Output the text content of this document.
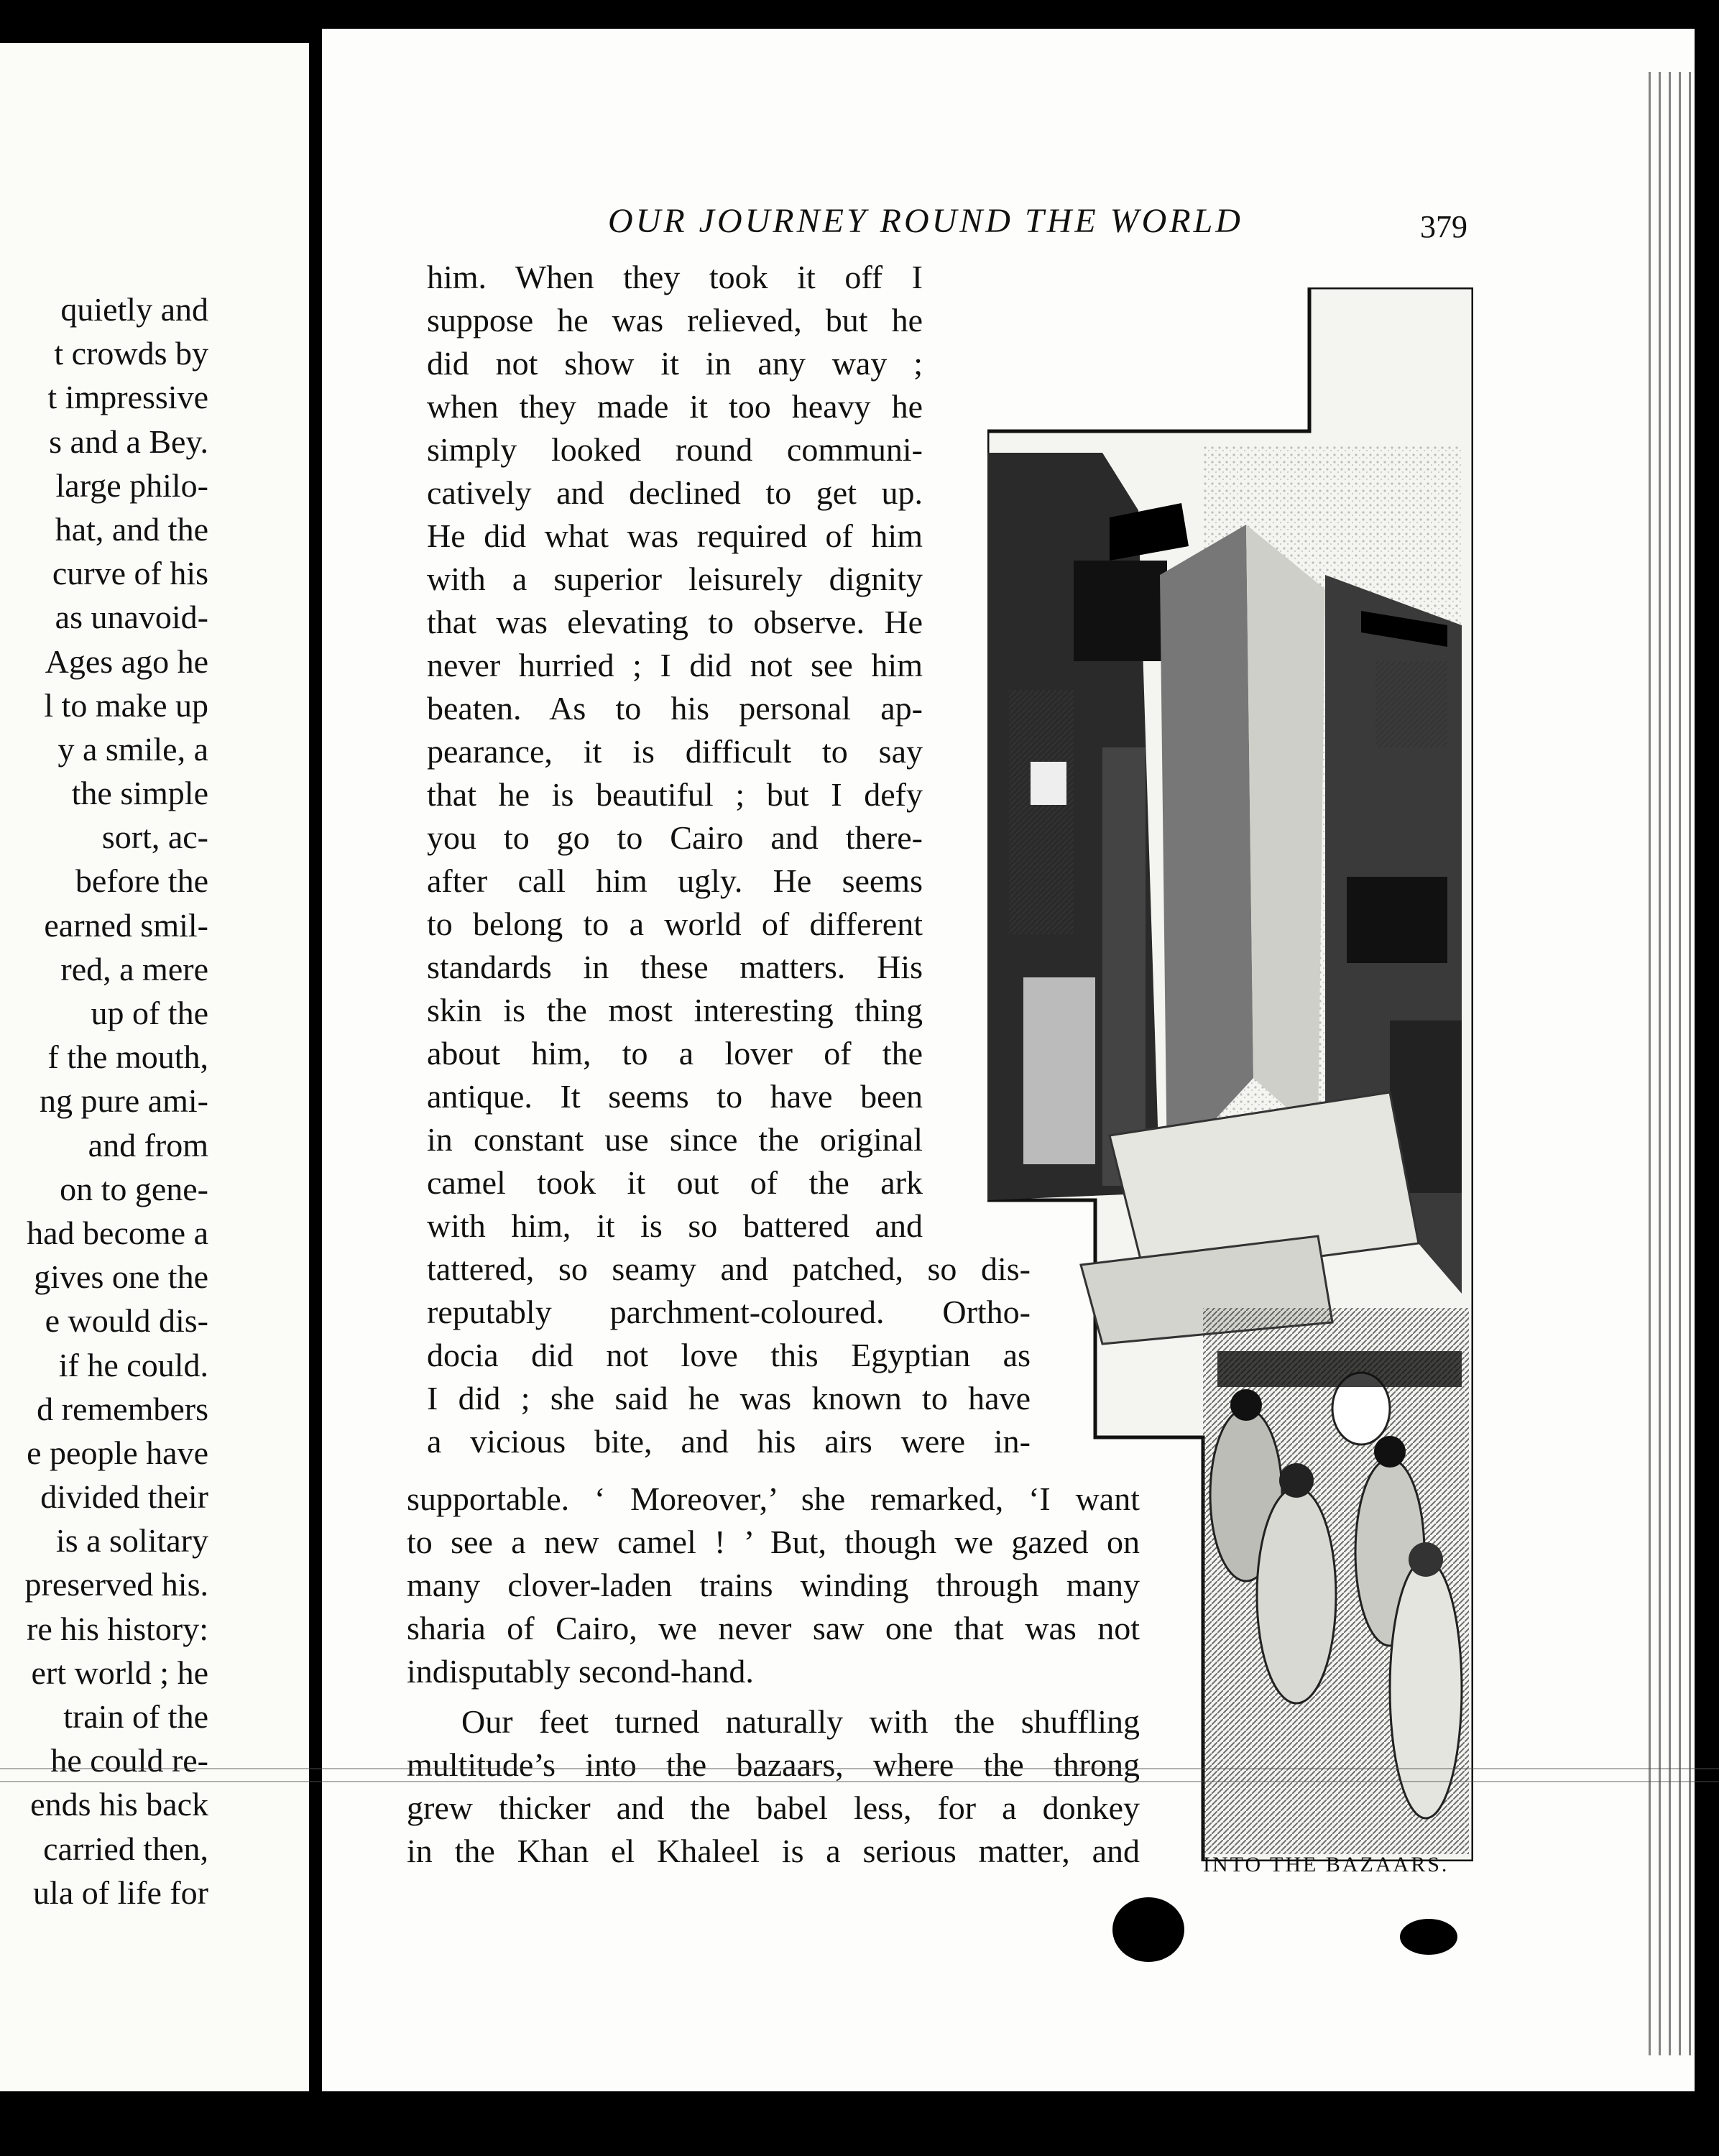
quietly and
t crowds by
t impressive
s and a Bey.
large philo-
hat, and the
curve of his
as unavoid-
Ages ago he
l to make up
y a smile, a
the simple
sort, ac-
before the
earned smil-
red, a mere
up of the
f the mouth,
ng pure ami-
and from
on to gene-
had become a
gives one the
e would dis-
if he could.
d remembers
e people have
divided their
is a solitary
preserved his.
re his history:
ert world ; he
train of the
he could re-
ends his back
carried then,
ula of life for
OUR JOURNEY ROUND THE WORLD	379
INTO THE BAZAARS.
him. When they took it off I
suppose he was relieved, but he
did not show it in any way ;
when they made it too heavy he
simply looked round communi-
catively and declined to get up.
He did what was required of him
with a superior leisurely dignity
that was elevating to observe. He
never hurried ; I did not see him
beaten. As to his personal ap-
pearance, it is difficult to say
that he is beautiful ; but I defy
you to go to Cairo and there-
after call him ugly. He seems
to belong to a world of different
standards in these matters. His
skin is the most interesting thing
about him, to a lover of the
antique. It seems to have been
in constant use since the original
camel took it out of the ark
with him, it is so battered and
tattered, so seamy and patched, so dis-
reputably parchment-coloured. Ortho-
docia did not love this Egyptian as
I did ; she said he was known to have
a vicious bite, and his airs were in-
supportable. ‘ Moreover,’ she remarked, ‘I want
to see a new camel ! ’ But, though we gazed on
many clover-laden trains winding through many
sharia of Cairo, we never saw one that was not
indisputably second-hand.
Our feet turned naturally with the shuffling
multitude’s into the bazaars, where the throng
grew thicker and the babel less, for a donkey
in the Khan el Khaleel is a serious matter, and
